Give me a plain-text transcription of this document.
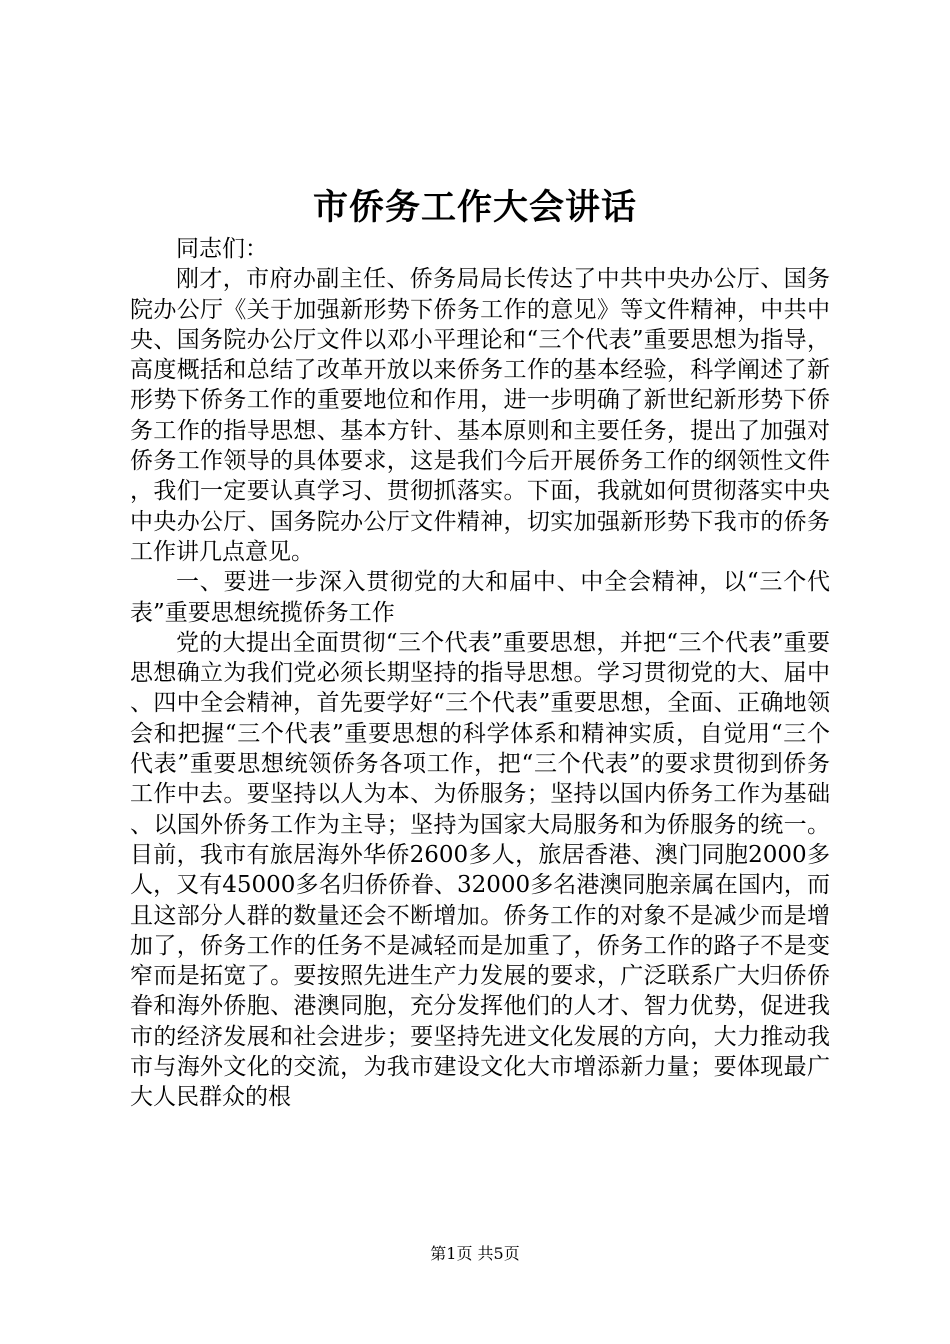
市侨务工作大会讲话

同志们：

刚才，市府办副主任、侨务局局长传达了中共中央办公厅、国务院办公厅《关于加强新形势下侨务工作的意见》等文件精神，中共中央、国务院办公厅文件以邓小平理论和“三个代表”重要思想为指导，高度概括和总结了改革开放以来侨务工作的基本经验，科学阐述了新形势下侨务工作的重要地位和作用，进一步明确了新世纪新形势下侨务工作的指导思想、基本方针、基本原则和主要任务，提出了加强对侨务工作领导的具体要求，这是我们今后开展侨务工作的纲领性文件，我们一定要认真学习、贯彻抓落实。下面，我就如何贯彻落实中央中央办公厅、国务院办公厅文件精神，切实加强新形势下我市的侨务工作讲几点意见。

一、要进一步深入贯彻党的大和届中、中全会精神，以“三个代表”重要思想统揽侨务工作

党的大提出全面贯彻“三个代表”重要思想，并把“三个代表”重要思想确立为我们党必须长期坚持的指导思想。学习贯彻党的大、届中、四中全会精神，首先要学好“三个代表”重要思想，全面、正确地领会和把握“三个代表”重要思想的科学体系和精神实质，自觉用“三个代表”重要思想统领侨务各项工作，把“三个代表”的要求贯彻到侨务工作中去。要坚持以人为本、为侨服务；坚持以国内侨务工作为基础、以国外侨务工作为主导；坚持为国家大局服务和为侨服务的统一。目前，我市有旅居海外华侨2600多人，旅居香港、澳门同胞2000多人，又有45000多名归侨侨眷、32000多名港澳同胞亲属在国内，而且这部分人群的数量还会不断增加。侨务工作的对象不是减少而是增加了，侨务工作的任务不是减轻而是加重了，侨务工作的路子不是变窄而是拓宽了。要按照先进生产力发展的要求，广泛联系广大归侨侨眷和海外侨胞、港澳同胞，充分发挥他们的人才、智力优势，促进我市的经济发展和社会进步；要坚持先进文化发展的方向，大力推动我市与海外文化的交流，为我市建设文化大市增添新力量；要体现最广大人民群众的根

第1页 共5页
